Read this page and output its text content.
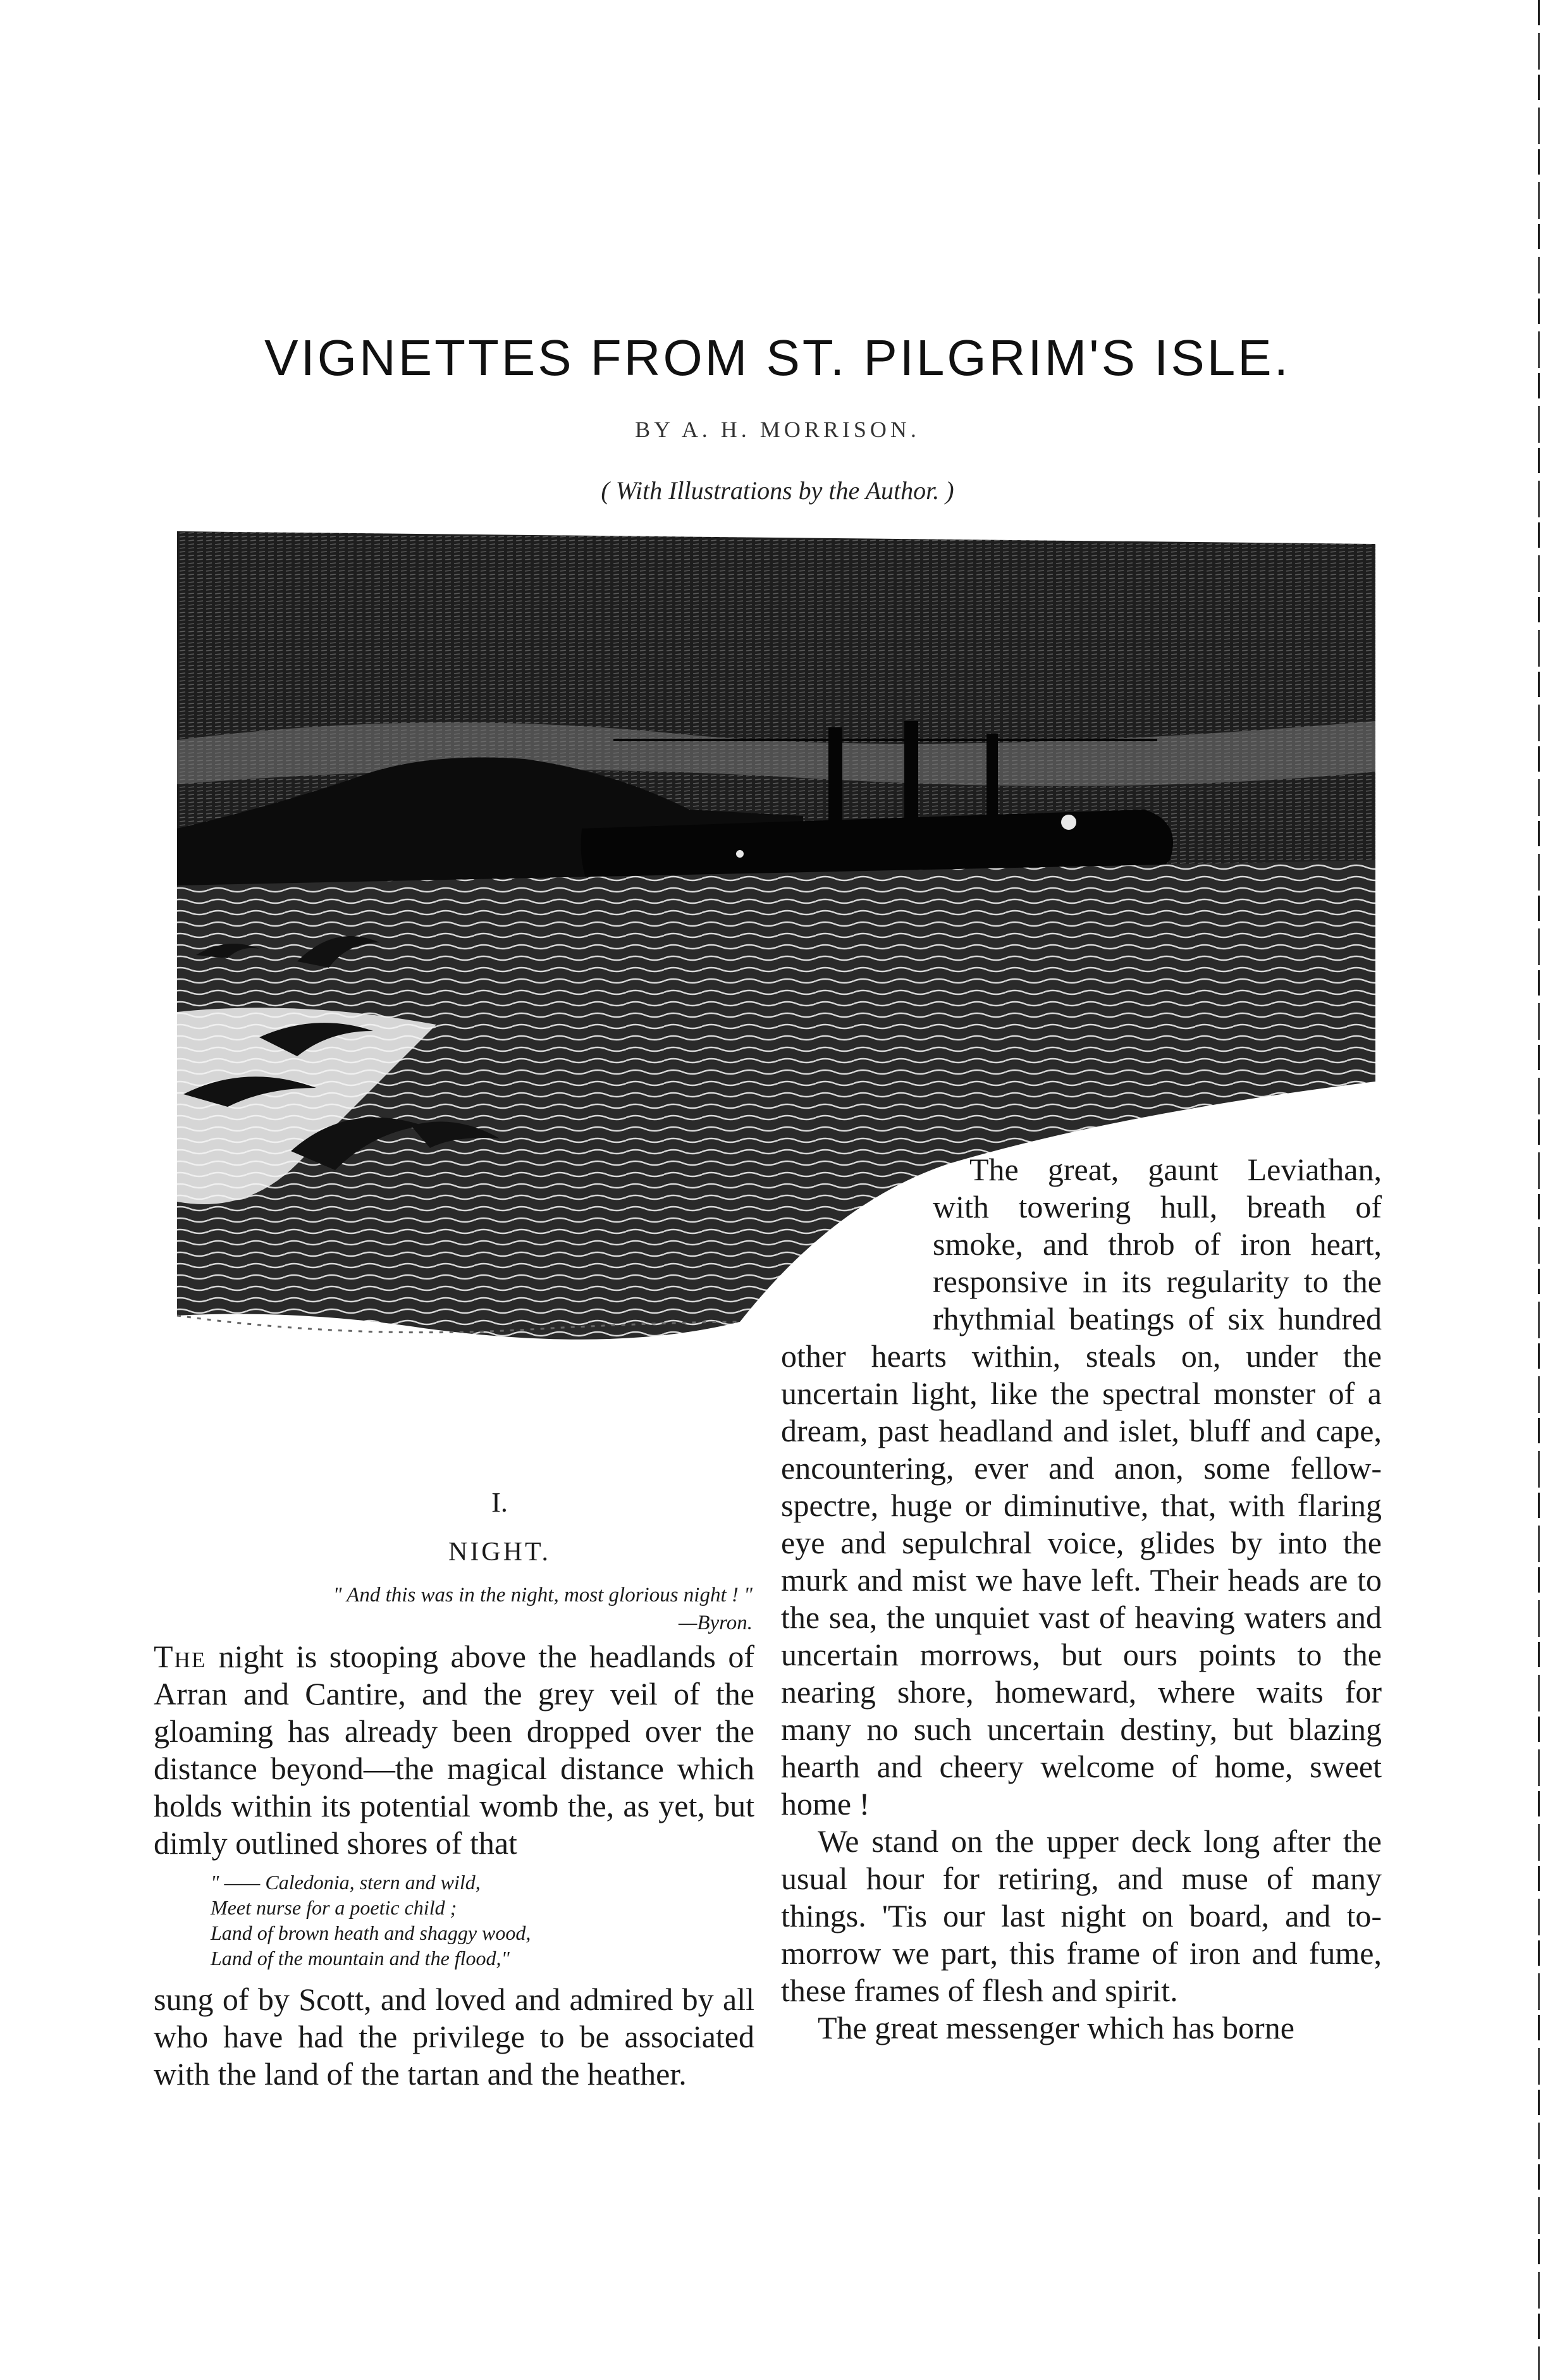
VIGNETTES FROM ST. PILGRIM'S ISLE.
BY A. H. MORRISON.
( With Illustrations by the Author. )
I.
NIGHT.
" And this was in the night, most glorious night ! "
—Byron.

The night is stooping above the headlands of Arran and Cantire, and the grey veil of the gloaming has already been dropped over the distance beyond—the magical distance which holds within its potential womb the, as yet, but dimly outlined shores of that

" —— Caledonia, stern and wild,
Meet nurse for a poetic child ;
Land of brown heath and shaggy wood,
Land of the mountain and the flood,"

sung of by Scott, and loved and admired by all who have had the privilege to be associated with the land of the tartan and the heather.

The great, gaunt Leviathan, with towering hull, breath of smoke, and throb of iron heart, responsive in its regularity to the rhythmial beatings of six hundred other hearts within, steals on, under the uncertain light, like the spectral monster of a dream, past headland and islet, bluff and cape, encountering, ever and anon, some fellow-spectre, huge or diminutive, that, with flaring eye and sepulchral voice, glides by into the murk and mist we have left. Their heads are to the sea, the unquiet vast of heaving waters and uncertain morrows, but ours points to the nearing shore, homeward, where waits for many no such uncertain destiny, but blazing hearth and cheery welcome of home, sweet home !

We stand on the upper deck long after the usual hour for retiring, and muse of many things. 'Tis our last night on board, and to-morrow we part, this frame of iron and fume, these frames of flesh and spirit.

The great messenger which has borne
